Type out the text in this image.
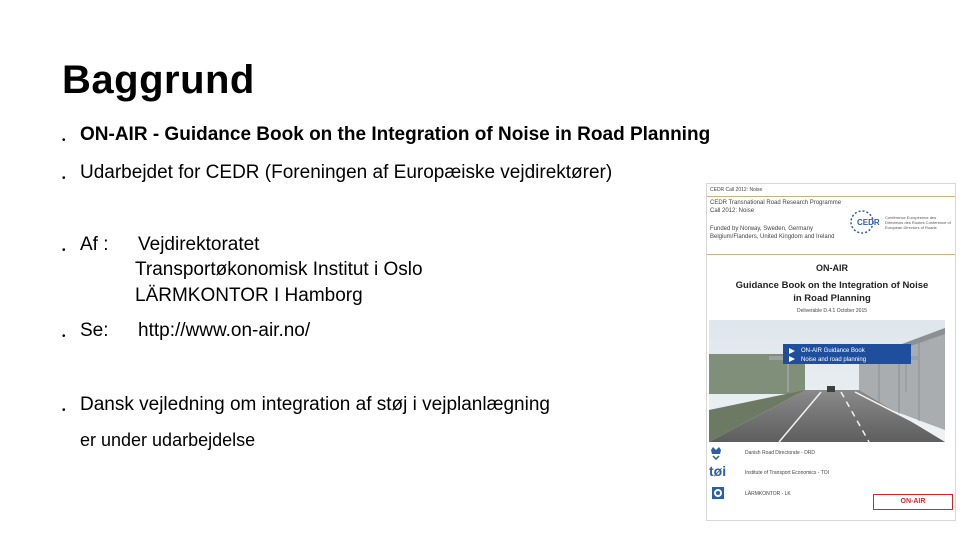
Baggrund
• ON-AIR - Guidance Book on the Integration of Noise in Road Planning
• Udarbejdet for CEDR (Foreningen af Europæiske vejdirektører)
• Af : Vejdirektoratet
Transportøkonomisk Institut i Oslo
LÄRMKONTOR I Hamborg
• Se: http://www.on-air.no/
• Dansk vejledning om integration af støj i vejplanlægning
er under udarbejdelse
CEDR Call 2012: Noise
CEDR Transnational Road Research Programme
Call 2012: Noise
Funded by Norway, Sweden, Germany
Belgium/Flanders, United Kingdom and Ireland
CEDR
Conférence Européenne des Directeurs des Routes Conference of European Directors of Roads
ON-AIR
Guidance Book on the Integration of Noise
in Road Planning
Deliverable D.4.1 October 2015
ON-AIR Guidance Book
Noise and road planning
tøi
Danish Road Directorate - DRD
Institute of Transport Economics - TOI
LÄRMKONTOR - LK
ON-AIR
